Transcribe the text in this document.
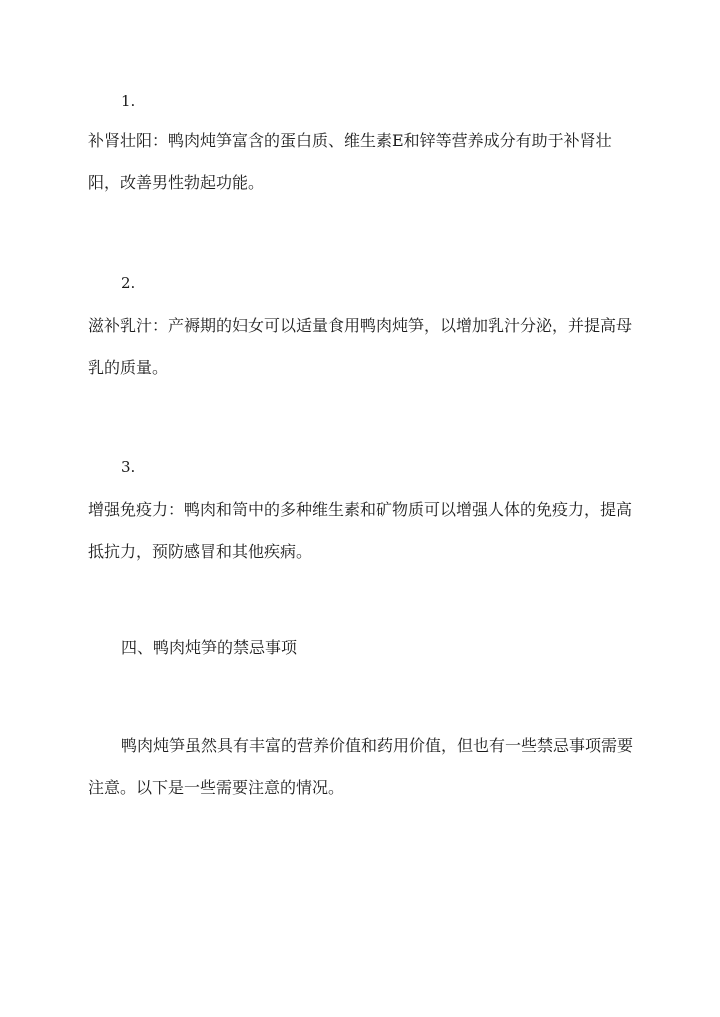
1.

补肾壮阳：鸭肉炖笋富含的蛋白质、维生素E和锌等营养成分有助于补肾壮阳，改善男性勃起功能。

2.

滋补乳汁：产褥期的妇女可以适量食用鸭肉炖笋，以增加乳汁分泌，并提高母乳的质量。

3.

增强免疫力：鸭肉和笥中的多种维生素和矿物质可以增强人体的免疫力，提高抵抗力，预防感冒和其他疾病。

四、鸭肉炖笋的禁忌事项

鸭肉炖笋虽然具有丰富的营养价值和药用价值，但也有一些禁忌事项需要注意。以下是一些需要注意的情况。
